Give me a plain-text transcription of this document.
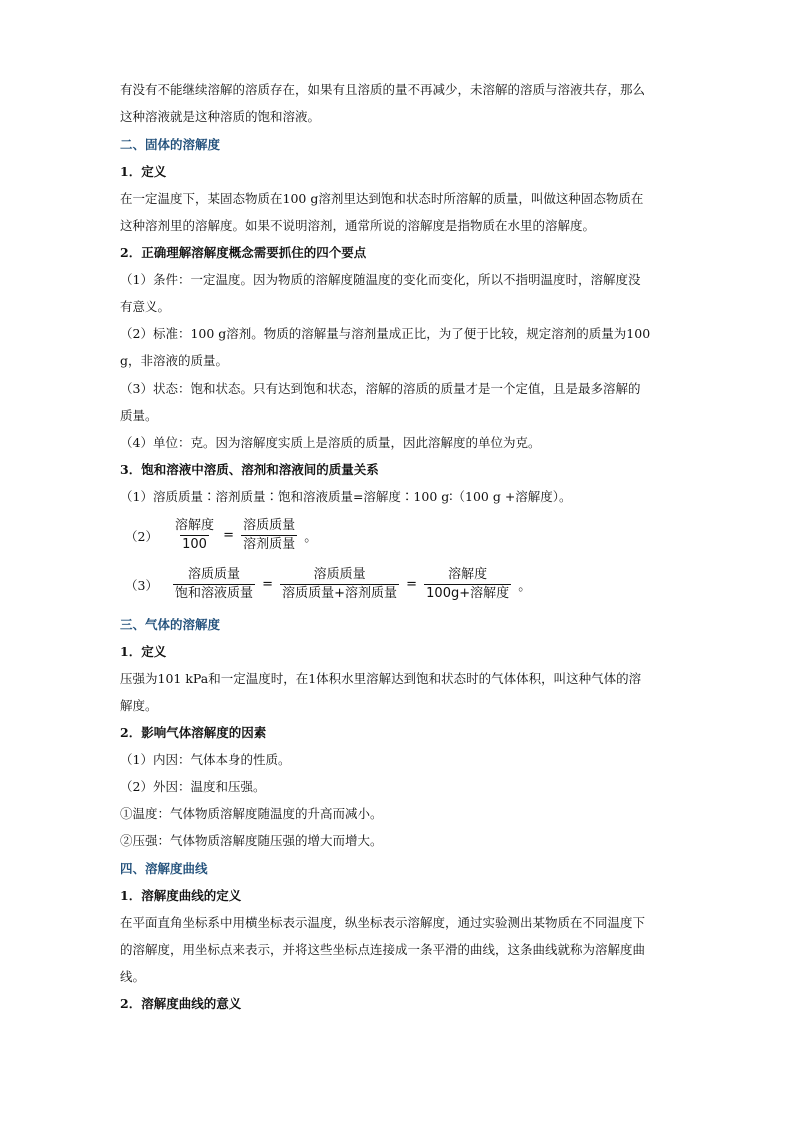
有没有不能继续溶解的溶质存在，如果有且溶质的量不再减少，未溶解的溶质与溶液共存，那么
这种溶液就是这种溶质的饱和溶液。
二、固体的溶解度
1．定义
在一定温度下，某固态物质在100 g溶剂里达到饱和状态时所溶解的质量，叫做这种固态物质在
这种溶剂里的溶解度。如果不说明溶剂，通常所说的溶解度是指物质在水里的溶解度。
2．正确理解溶解度概念需要抓住的四个要点
（1）条件：一定温度。因为物质的溶解度随温度的变化而变化，所以不指明温度时，溶解度没
有意义。
（2）标准：100 g溶剂。物质的溶解量与溶剂量成正比，为了便于比较，规定溶剂的质量为100
g，非溶液的质量。
（3）状态：饱和状态。只有达到饱和状态，溶解的溶质的质量才是一个定值，且是最多溶解的
质量。
（4）单位：克。因为溶解度实质上是溶质的质量，因此溶解度的单位为克。
3．饱和溶液中溶质、溶剂和溶液间的质量关系
（1）溶质质量∶溶剂质量∶饱和溶液质量=溶解度∶100 g∶（100 g +溶解度）。
$(2) \frac{\text{溶解度}}{100} = \frac{\text{溶质质量}}{\text{溶剂质量}}$ 。
$(3) \frac{\text{溶质质量}}{\text{饱和溶液质量}} = \frac{\text{溶质质量}}{\text{溶质质量+溶剂质量}} = \frac{\text{溶解度}}{\text{100g+溶解度}}$ 。
三、气体的溶解度
1．定义
压强为101 kPa和一定温度时，在1体积水里溶解达到饱和状态时的气体体积，叫这种气体的溶
解度。
2．影响气体溶解度的因素
（1）内因：气体本身的性质。
（2）外因：温度和压强。
①温度：气体物质溶解度随温度的升高而减小。
②压强：气体物质溶解度随压强的增大而增大。
四、溶解度曲线
1．溶解度曲线的定义
在平面直角坐标系中用横坐标表示温度，纵坐标表示溶解度，通过实验测出某物质在不同温度下
的溶解度，用坐标点来表示，并将这些坐标点连接成一条平滑的曲线，这条曲线就称为溶解度曲
线。
2．溶解度曲线的意义
